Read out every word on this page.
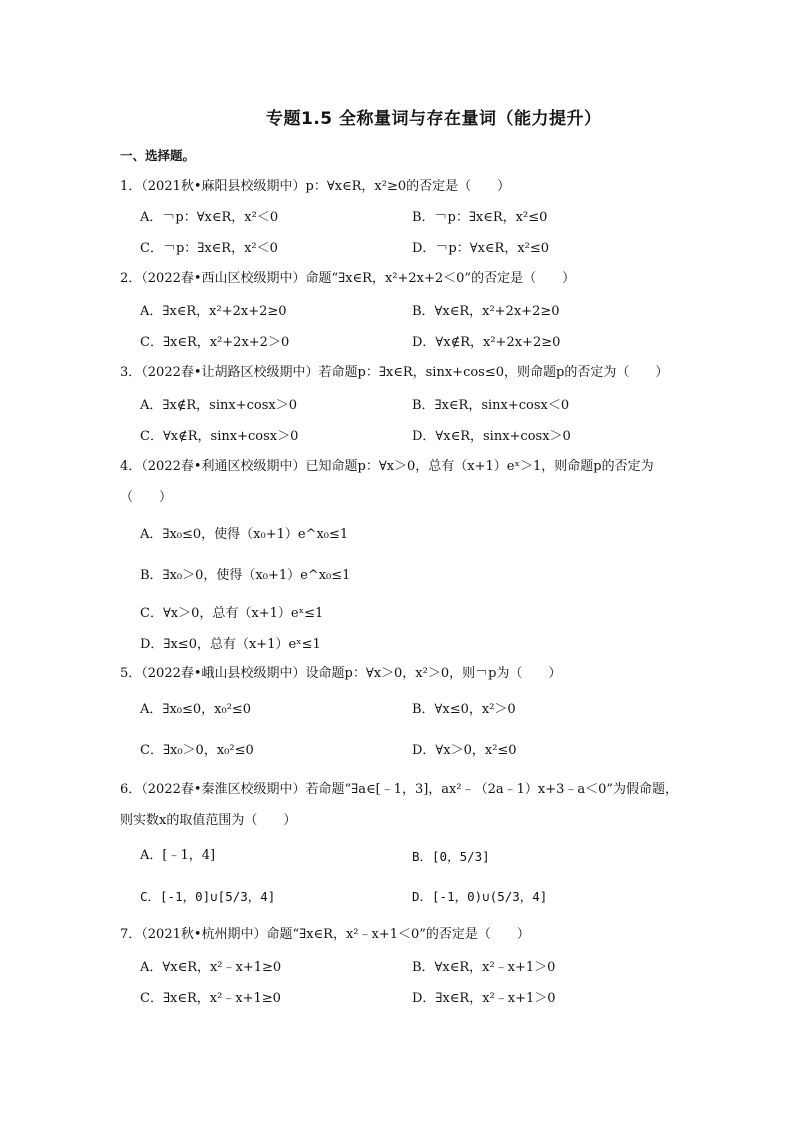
专题1.5 全称量词与存在量词（能力提升）
一、选择题。
1．（2021秋•麻阳县校级期中）p：∀x∈R，x²≥0的否定是（　　）
A．￢p：∀x∈R，x²＜0	B．￢p：∃x∈R，x²≤0
C．￢p：∃x∈R，x²＜0	D．￢p：∀x∈R，x²≤0
2．（2022春•西山区校级期中）命题“∃x∈R，x²+2x+2＜0”的否定是（　　）
A．∃x∈R，x²+2x+2≥0	B．∀x∈R，x²+2x+2≥0
C．∃x∈R，x²+2x+2＞0	D．∀x∉R，x²+2x+2≥0
3．（2022春•让胡路区校级期中）若命题p：∃x∈R，sinx+cos≤0，则命题p的否定为（　　）
A．∃x∉R，sinx+cosx＞0	B．∃x∈R，sinx+cosx＜0
C．∀x∉R，sinx+cosx＞0	D．∀x∈R，sinx+cosx＞0
4．（2022春•利通区校级期中）已知命题p：∀x＞0，总有（x+1）eˣ＞1，则命题p的否定为（　　）
A．∃x₀≤0，使得（x₀+1）e^x₀≤1
B．∃x₀＞0，使得（x₀+1）e^x₀≤1
C．∀x＞0，总有（x+1）eˣ≤1
D．∃x≤0，总有（x+1）eˣ≤1
5．（2022春•峨山县校级期中）设命题p：∀x＞0，x²＞0，则￢p为（　　）
A．∃x₀≤0，x₀²≤0	B．∀x≤0，x²＞0
C．∃x₀＞0，x₀²≤0	D．∀x＞0，x²≤0
6．（2022春•秦淮区校级期中）若命题“∃a∈[﹣1，3]，ax²﹣（2a﹣1）x+3﹣a＜0”为假命题，则实数x的取值范围为（　　）
A．[﹣1，4]	B．[0，5/3]
C．[-1，0]∪[5/3，4]	D．[-1，0)∪(5/3，4]
7．（2021秋•杭州期中）命题“∃x∈R，x²﹣x+1＜0”的否定是（　　）
A．∀x∈R，x²﹣x+1≥0	B．∀x∈R，x²﹣x+1＞0
C．∃x∈R，x²﹣x+1≥0	D．∃x∈R，x²﹣x+1＞0
